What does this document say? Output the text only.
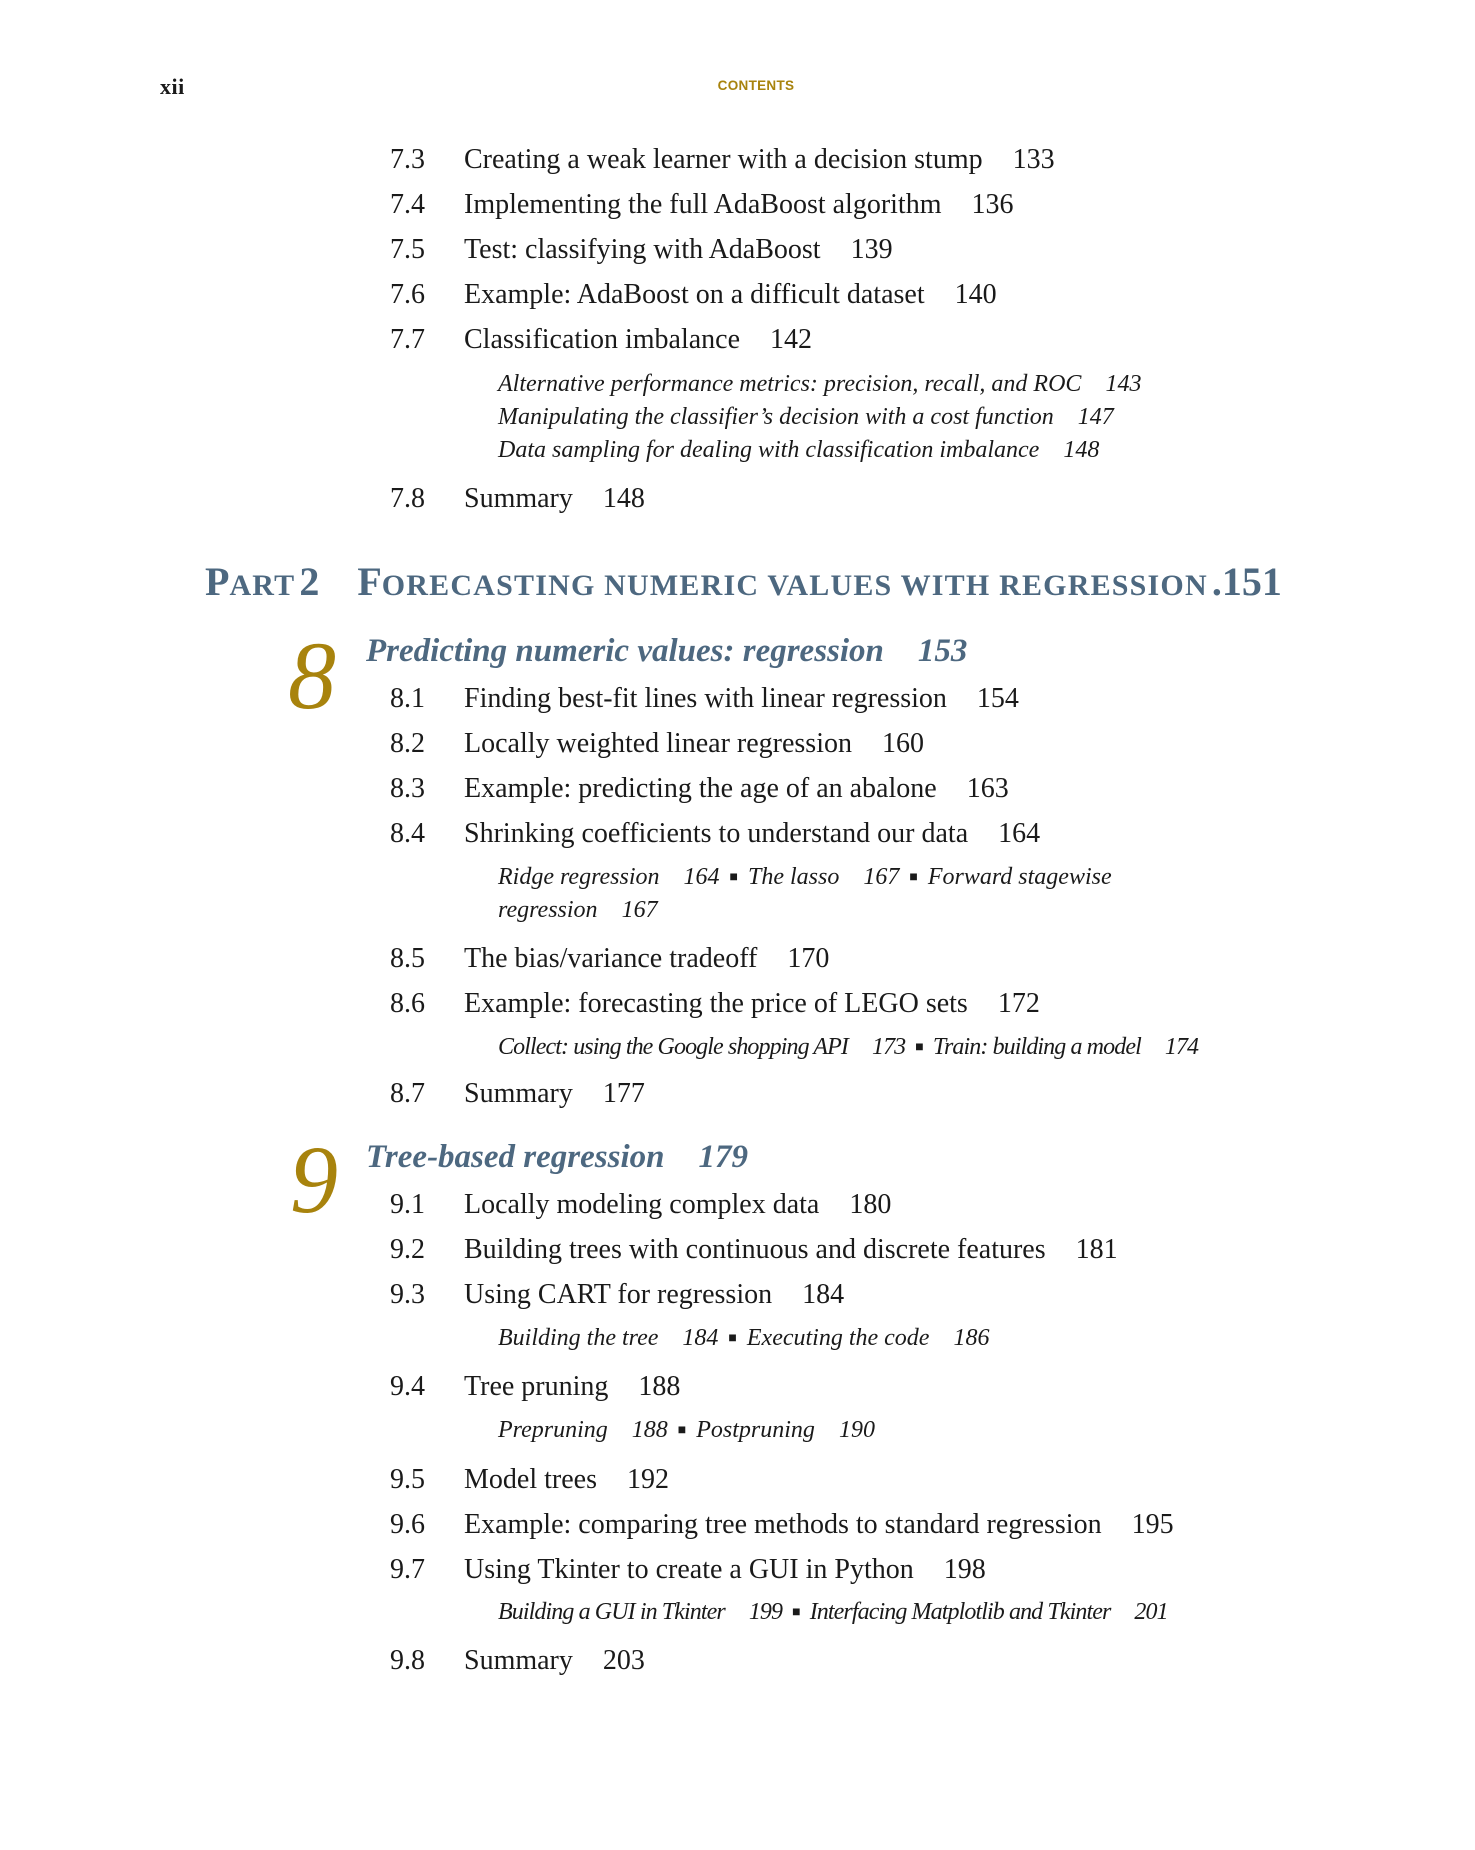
xii	CONTENTS
7.3 Creating a weak learner with a decision stump 133
7.4 Implementing the full AdaBoost algorithm 136
7.5 Test: classifying with AdaBoost 139
7.6 Example: AdaBoost on a difficult dataset 140
7.7 Classification imbalance 142
Alternative performance metrics: precision, recall, and ROC 143
Manipulating the classifier’s decision with a cost function 147
Data sampling for dealing with classification imbalance 148
7.8 Summary 148
PART 2 FORECASTING NUMERIC VALUES WITH REGRESSION .151
8 Predicting numeric values: regression 153
8.1 Finding best-fit lines with linear regression 154
8.2 Locally weighted linear regression 160
8.3 Example: predicting the age of an abalone 163
8.4 Shrinking coefficients to understand our data 164
Ridge regression 164 ■ The lasso 167 ■ Forward stagewise
regression 167
8.5 The bias/variance tradeoff 170
8.6 Example: forecasting the price of LEGO sets 172
Collect: using the Google shopping API 173 ■ Train: building a model 174
8.7 Summary 177
9 Tree-based regression 179
9.1 Locally modeling complex data 180
9.2 Building trees with continuous and discrete features 181
9.3 Using CART for regression 184
Building the tree 184 ■ Executing the code 186
9.4 Tree pruning 188
Prepruning 188 ■ Postpruning 190
9.5 Model trees 192
9.6 Example: comparing tree methods to standard regression 195
9.7 Using Tkinter to create a GUI in Python 198
Building a GUI in Tkinter 199 ■ Interfacing Matplotlib and Tkinter 201
9.8 Summary 203
